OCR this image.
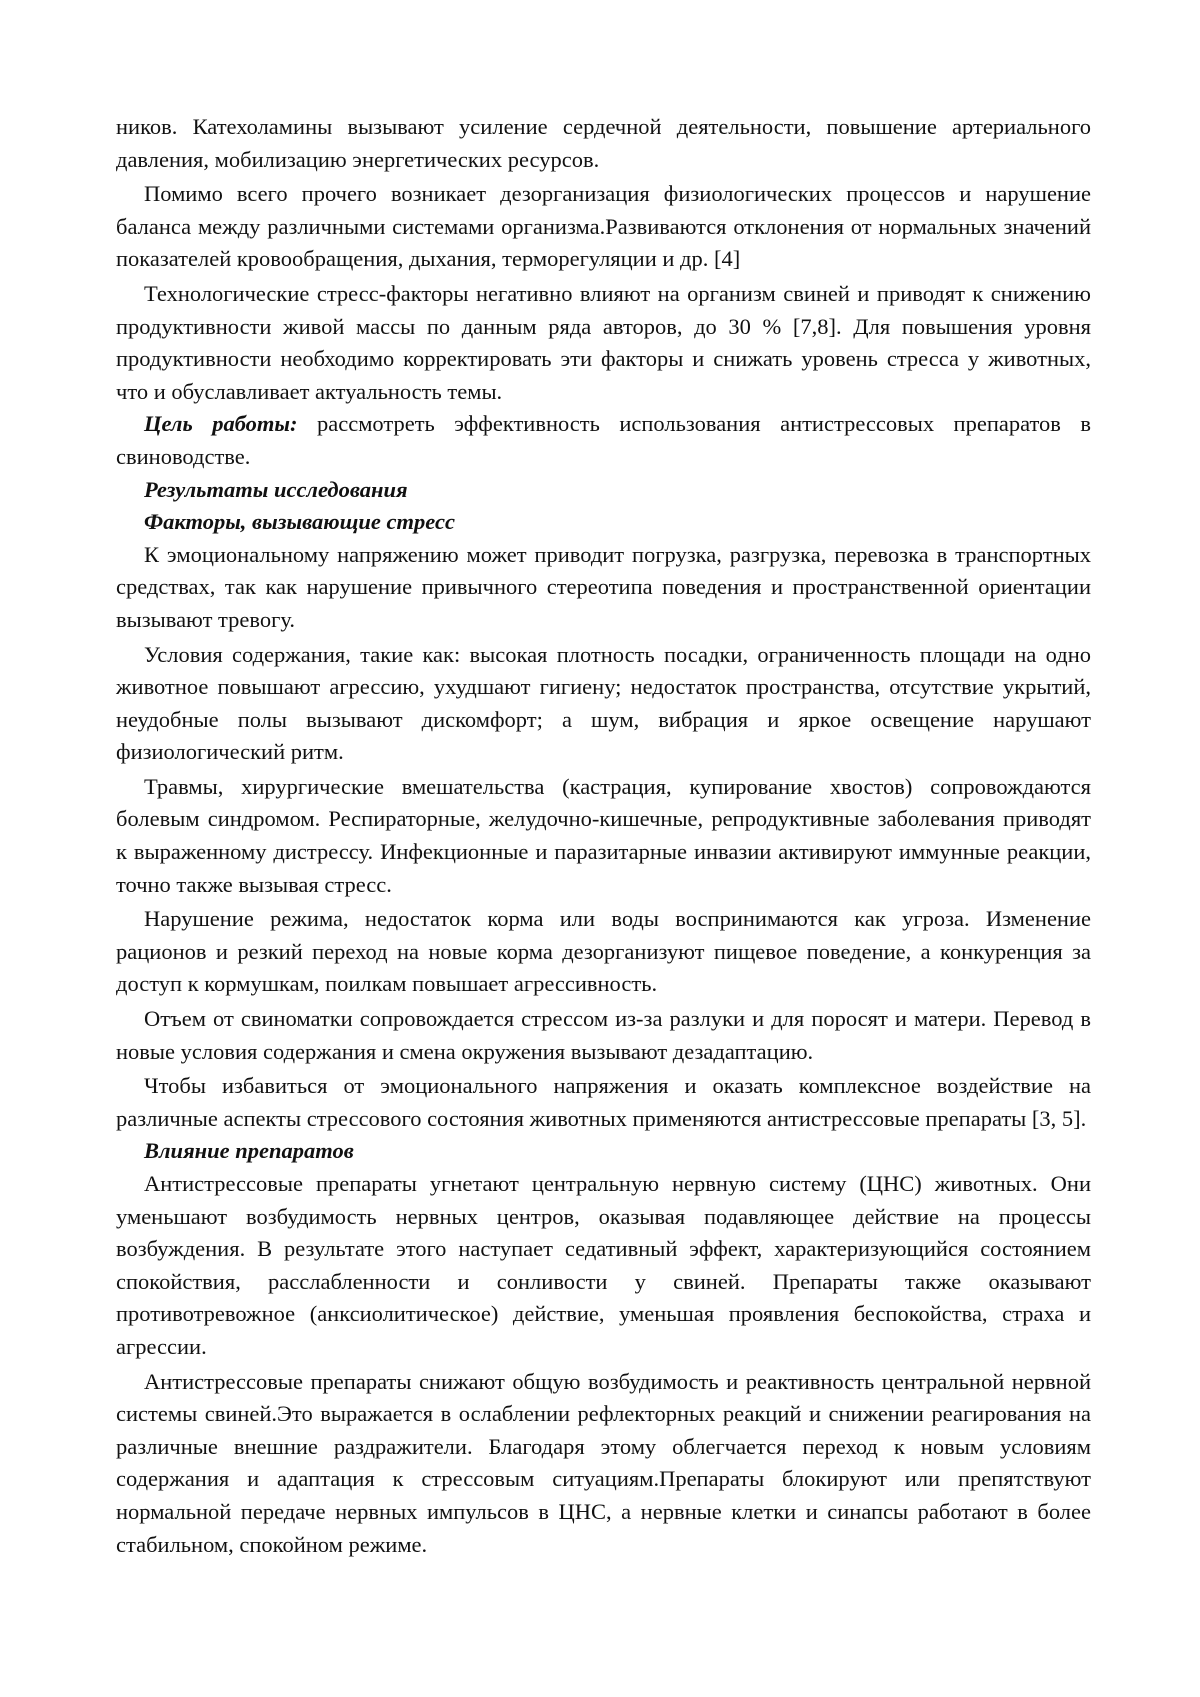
ников. Катехоламины вызывают усиление сердечной деятельности, повышение артериального давления, мобилизацию энергетических ресурсов.

Помимо всего прочего возникает дезорганизация физиологических процессов и нарушение баланса между различными системами организма.Развиваются отклонения от нормальных значений показателей кровообращения, дыхания, терморегуляции и др. [4]

Технологические стресс-факторы негативно влияют на организм свиней и приводят к снижению продуктивности живой массы по данным ряда авторов, до 30 % [7,8]. Для повышения уровня продуктивности необходимо корректировать эти факторы и снижать уровень стресса у животных, что и обуславливает актуальность темы.

Цель работы: рассмотреть эффективность использования антистрессовых препаратов в свиноводстве.

Результаты исследования

Факторы, вызывающие стресс

К эмоциональному напряжению может приводит погрузка, разгрузка, перевозка в транспортных средствах, так как нарушение привычного стереотипа поведения и пространственной ориентации вызывают тревогу.

Условия содержания, такие как: высокая плотность посадки, ограниченность площади на одно животное повышают агрессию, ухудшают гигиену; недостаток пространства, отсутствие укрытий, неудобные полы вызывают дискомфорт; а шум, вибрация и яркое освещение нарушают физиологический ритм.

Травмы, хирургические вмешательства (кастрация, купирование хвостов) сопровождаются болевым синдромом. Респираторные, желудочно-кишечные, репродуктивные заболевания приводят к выраженному дистрессу. Инфекционные и паразитарные инвазии активируют иммунные реакции, точно также вызывая стресс.

Нарушение режима, недостаток корма или воды воспринимаются как угроза. Изменение рационов и резкий переход на новые корма дезорганизуют пищевое поведение, а конкуренция за доступ к кормушкам, поилкам повышает агрессивность.

Отъем от свиноматки сопровождается стрессом из-за разлуки и для поросят и матери. Перевод в новые условия содержания и смена окружения вызывают дезадаптацию.

Чтобы избавиться от эмоционального напряжения и оказать комплексное воздействие на различные аспекты стрессового состояния животных применяются антистрессовые препараты [3, 5].

Влияние препаратов

Антистрессовые препараты угнетают центральную нервную систему (ЦНС) животных. Они уменьшают возбудимость нервных центров, оказывая подавляющее действие на процессы возбуждения. В результате этого наступает седативный эффект, характеризующийся состоянием спокойствия, расслабленности и сонливости у свиней. Препараты также оказывают противотревожное (анксиолитическое) действие, уменьшая проявления беспокойства, страха и агрессии.

Антистрессовые препараты снижают общую возбудимость и реактивность центральной нервной системы свиней.Это выражается в ослаблении рефлекторных реакций и снижении реагирования на различные внешние раздражители. Благодаря этому облегчается переход к новым условиям содержания и адаптация к стрессовым ситуациям.Препараты блокируют или препятствуют нормальной передаче нервных импульсов в ЦНС, а нервные клетки и синапсы работают в более стабильном, спокойном режиме.
